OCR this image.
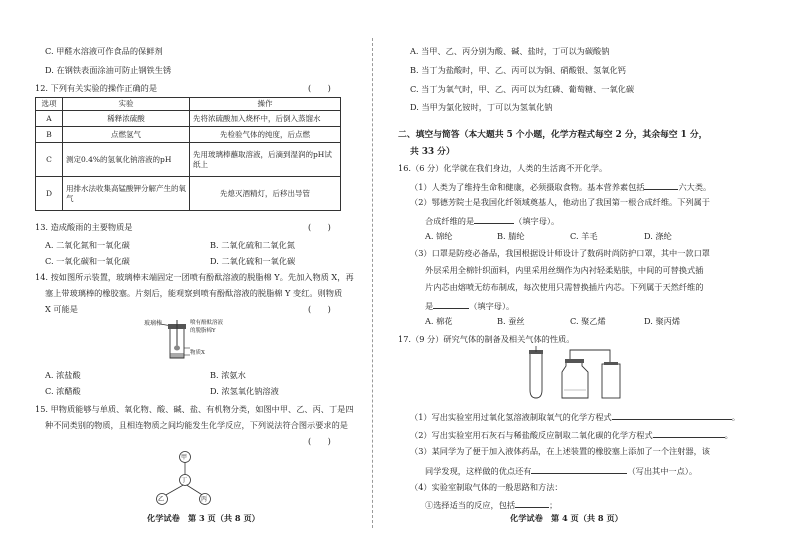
C. 甲醛水溶液可作食品的保鲜剂
D. 在钢铁表面涂油可防止钢铁生锈
12. 下列有关实验的操作正确的是	(　　)
选项	实验	操作
A	稀释浓硫酸	先将浓硫酸加入烧杯中，后倒入蒸馏水
B	点燃氢气	先检验气体的纯度，后点燃
C	测定0.4%的氢氧化钠溶液的pH	先用玻璃棒蘸取溶液，后滴到湿润的pH试纸上
D	用排水法收集高锰酸钾分解产生的氧气	先熄灭酒精灯，后移出导管
13. 造成酸雨的主要物质是	(　　)
A. 二氧化氮和一氧化碳	B. 二氧化硫和二氧化氮
C. 一氧化碳和一氧化碳	D. 二氧化硫和一氧化碳
14. 按如图所示装置，玻璃棒末端固定一团喷有酚酞溶液的脱脂棉 Y。先加入物质 X，再
塞上带玻璃棒的橡胶塞。片刻后，能观察到喷有酚酞溶液的脱脂棉 Y 变红。则物质
X 可能是	(　　)
玻璃棒	喷有酚酞溶液
的脱脂棉Y
物质X
A. 浓盐酸	B. 浓氨水
C. 浓醋酸	D. 浓氢氧化钠溶液
15. 甲物质能够与单质、氧化物、酸、碱、盐、有机物分类，如图中甲、乙、丙、丁是四
种不同类别的物质，且相连物质之间均能发生化学反应，下列说法符合图示要求的是
(　　)
甲
丁
乙	丙
化学试卷　第 3 页（共 8 页）
A. 当甲、乙、丙分别为酸、碱、盐时，丁可以为碳酸钠
B. 当丁为盐酸时，甲、乙、丙可以为铜、硝酸银、氢氧化钙
C. 当丁为氧气时，甲、乙、丙可以为红磷、葡萄糖、一氧化碳
D. 当甲为氯化铵时，丁可以为氢氧化钠
二、填空与简答（本大题共 5 个小题，化学方程式每空 2 分，其余每空 1 分，
共 33 分）
16.（6 分）化学就在我们身边，人类的生活离不开化学。
（1）人类为了维持生命和健康，必须摄取食物。基本营养素包括	六大类。
（2）鄂德芳院士是我国化纤领域奠基人，他动出了我国第一根合成纤维。下列属于
合成纤维的是	（填字母）。
A. 锦纶	B. 腈纶	C. 羊毛	D. 涤纶
（3）口罩是防疫必备品，我国根据设计师设计了数码时尚防护口罩，其中一款口罩
外层采用全棉针织面料，内里采用丝绸作为内衬轻柔贴肤，中间的可替换式插
片内芯由熔喷无纺布制成，每次使用只需替换插片内芯。下列属于天然纤维的
是	（填字母）。
A. 棉花	B. 蚕丝	C. 聚乙烯	D. 聚丙烯
17.（9 分）研究气体的制备及相关气体的性质。
（1）写出实验室用过氧化氢溶液制取氧气的化学方程式	。
（2）写出实验室用石灰石与稀盐酸反应制取二氧化碳的化学方程式	。
（3）某同学为了便于加入液体药品，在上述装置的橡胶塞上添加了一个注射器，该
同学发现，这样做的优点还有	（写出其中一点）。
（4）实验室制取气体的一般思路和方法：
①选择适当的反应，包括	；
化学试卷　第 4 页（共 8 页）
